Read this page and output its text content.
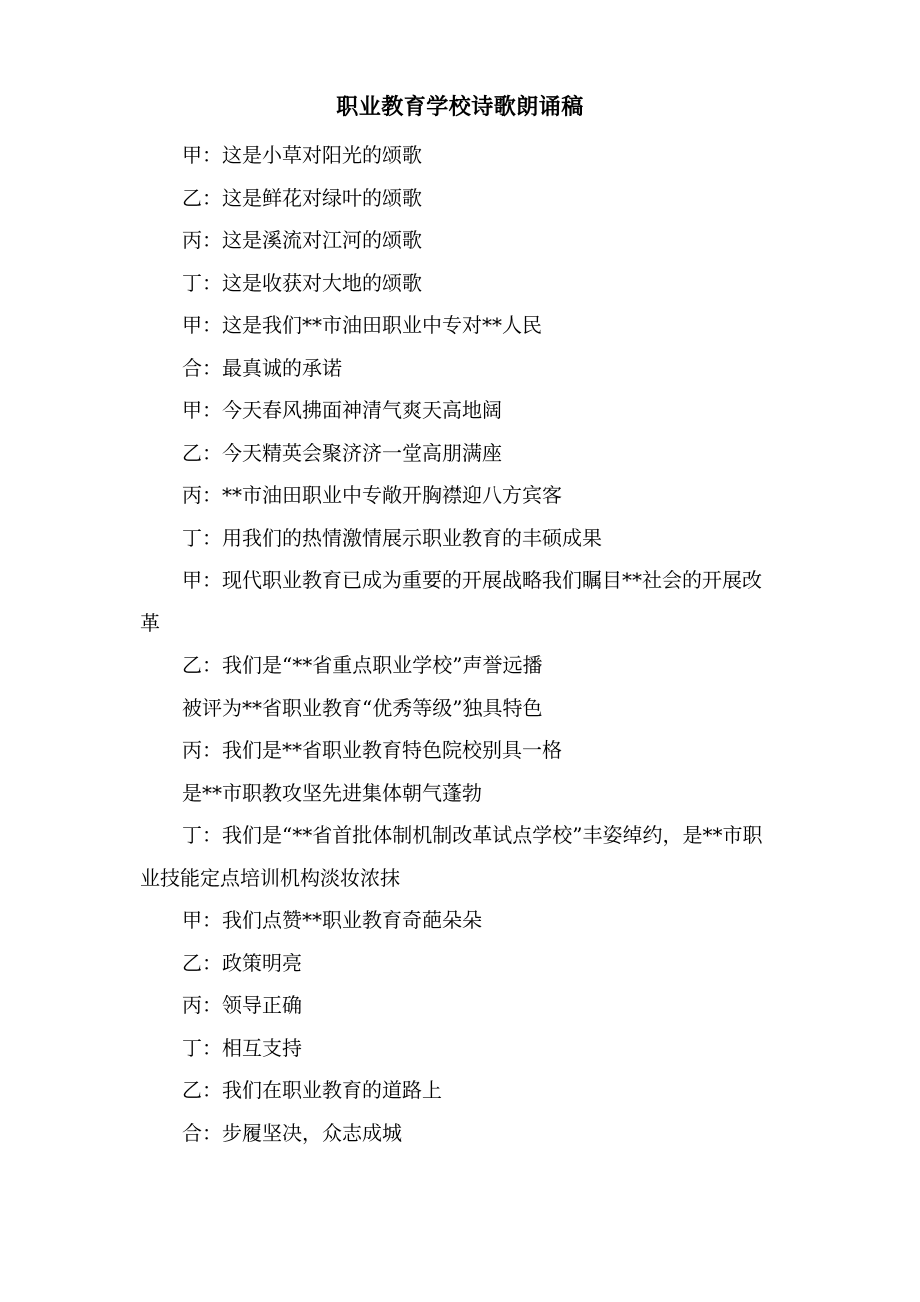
职业教育学校诗歌朗诵稿

甲：这是小草对阳光的颂歌

乙：这是鲜花对绿叶的颂歌

丙：这是溪流对江河的颂歌

丁：这是收获对大地的颂歌

甲：这是我们**市油田职业中专对**人民

合：最真诚的承诺

甲：今天春风拂面神清气爽天高地阔

乙：今天精英会聚济济一堂高朋满座

丙：**市油田职业中专敞开胸襟迎八方宾客

丁：用我们的热情激情展示职业教育的丰硕成果

甲：现代职业教育已成为重要的开展战略我们瞩目**社会的开展改革

乙：我们是“**省重点职业学校”声誉远播

被评为**省职业教育“优秀等级”独具特色

丙：我们是**省职业教育特色院校别具一格

是**市职教攻坚先进集体朝气蓬勃

丁：我们是“**省首批体制机制改革试点学校”丰姿绰约，是**市职业技能定点培训机构淡妆浓抹

甲：我们点赞**职业教育奇葩朵朵

乙：政策明亮

丙：领导正确

丁：相互支持

乙：我们在职业教育的道路上

合：步履坚决，众志成城
